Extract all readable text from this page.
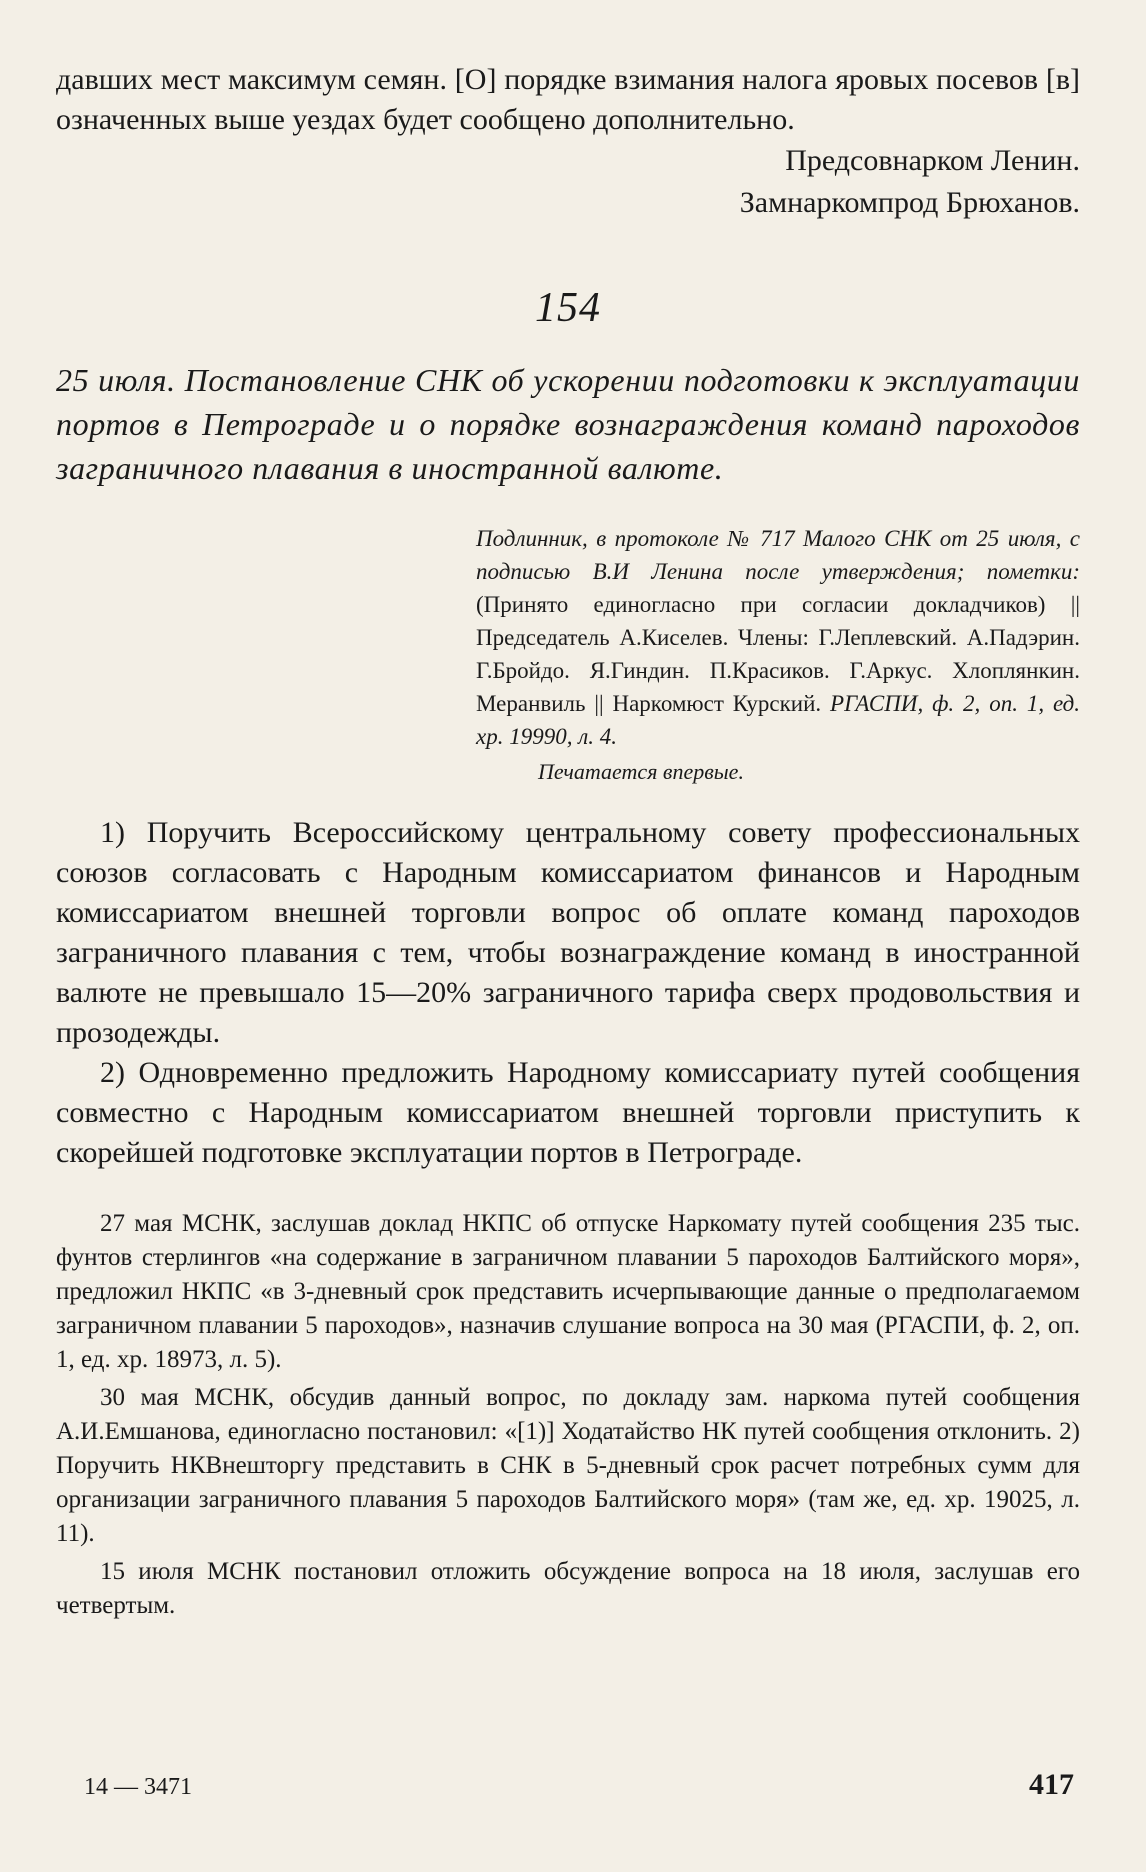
давших мест максимум семян. [О] порядке взимания налога яровых посевов [в] означенных выше уездах будет сообщено дополнительно.

Предсовнарком Ленин.

Замнаркомпрод Брюханов.

154
25 июля. Постановление СНК об ускорении подготовки к эксплуатации портов в Петрограде и о порядке вознаграждения команд пароходов заграничного плавания в иностранной валюте.
Подлинник, в протоколе № 717 Малого СНК от 25 июля, с подписью В.И Ленина после утверждения; пометки: (Принято единогласно при согласии докладчиков) || Председатель А.Киселев. Члены: Г.Леплевский. А.Падэрин. Г.Бройдо. Я.Гиндин. П.Красиков. Г.Аркус. Хлоплянкин. Меранвиль || Наркомюст Курский. РГАСПИ, ф. 2, оп. 1, ед. хр. 19990, л. 4.
Печатается впервые.

1) Поручить Всероссийскому центральному совету профессиональных союзов согласовать с Народным комиссариатом финансов и Народным комиссариатом внешней торговли вопрос об оплате команд пароходов заграничного плавания с тем, чтобы вознаграждение команд в иностранной валюте не превышало 15—20% заграничного тарифа сверх продовольствия и прозодежды.

2) Одновременно предложить Народному комиссариату путей сообщения совместно с Народным комиссариатом внешней торговли приступить к скорейшей подготовке эксплуатации портов в Петрограде.

27 мая МСНК, заслушав доклад НКПС об отпуске Наркомату путей сообщения 235 тыс. фунтов стерлингов «на содержание в заграничном плавании 5 пароходов Балтийского моря», предложил НКПС «в 3-дневный срок представить исчерпывающие данные о предполагаемом заграничном плавании 5 пароходов», назначив слушание вопроса на 30 мая (РГАСПИ, ф. 2, оп. 1, ед. хр. 18973, л. 5).

30 мая МСНК, обсудив данный вопрос, по докладу зам. наркома путей сообщения А.И.Емшанова, единогласно постановил: «[1)] Ходатайство НК путей сообщения отклонить. 2) Поручить НКВнешторгу представить в СНК в 5-дневный срок расчет потребных сумм для организации заграничного плавания 5 пароходов Балтийского моря» (там же, ед. хр. 19025, л. 11).

15 июля МСНК постановил отложить обсуждение вопроса на 18 июля, заслушав его четвертым.

14 — 3471	417
